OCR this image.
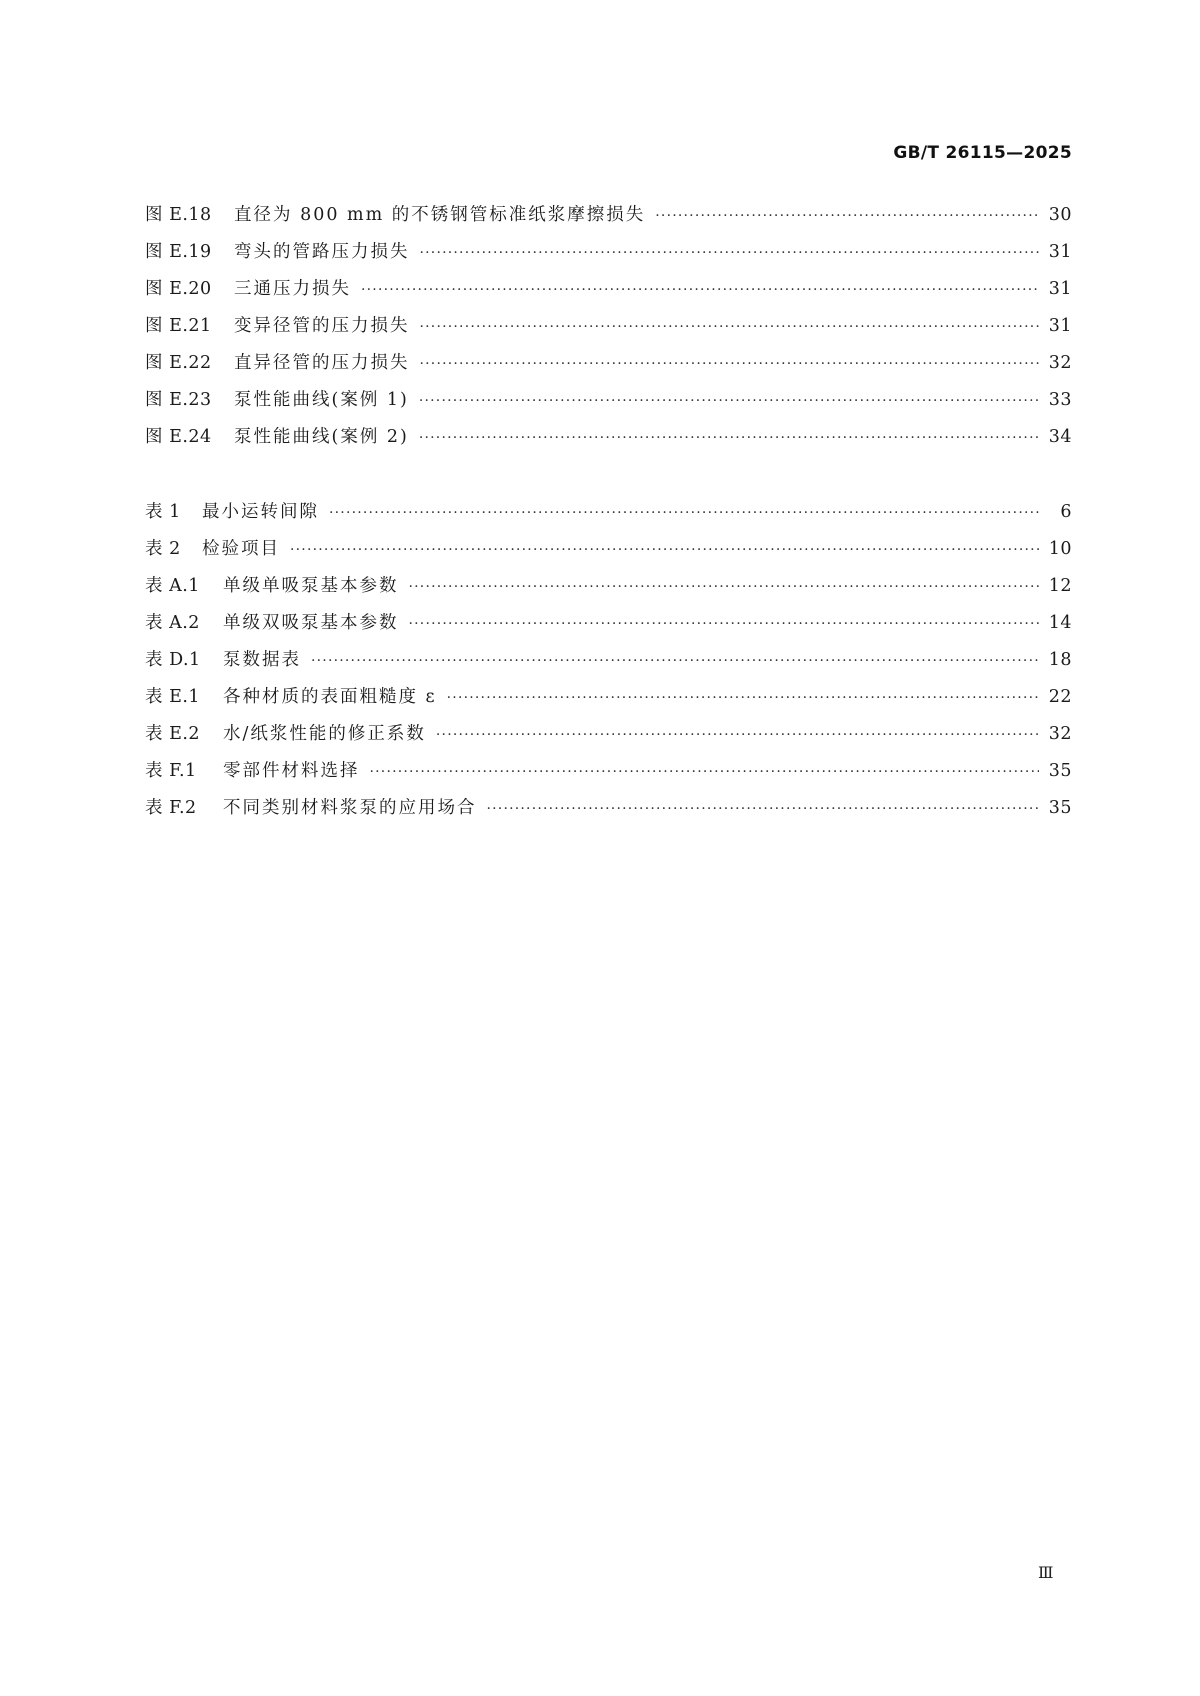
GB/T 26115—2025
图 E.18	直径为 800 mm 的不锈钢管标准纸浆摩擦损失 ·····	30
图 E.19	弯头的管路压力损失 ·····	31
图 E.20	三通压力损失 ·····	31
图 E.21	变异径管的压力损失 ·····	31
图 E.22	直异径管的压力损失 ·····	32
图 E.23	泵性能曲线(案例 1) ·····	33
图 E.24	泵性能曲线(案例 2) ·····	34
表 1	最小运转间隙 ·····	6
表 2	检验项目 ·····	10
表 A.1	单级单吸泵基本参数 ·····	12
表 A.2	单级双吸泵基本参数 ·····	14
表 D.1	泵数据表 ·····	18
表 E.1	各种材质的表面粗糙度 ε ·····	22
表 E.2	水/纸浆性能的修正系数 ·····	32
表 F.1	零部件材料选择 ·····	35
表 F.2	不同类别材料浆泵的应用场合 ·····	35
Ⅲ
